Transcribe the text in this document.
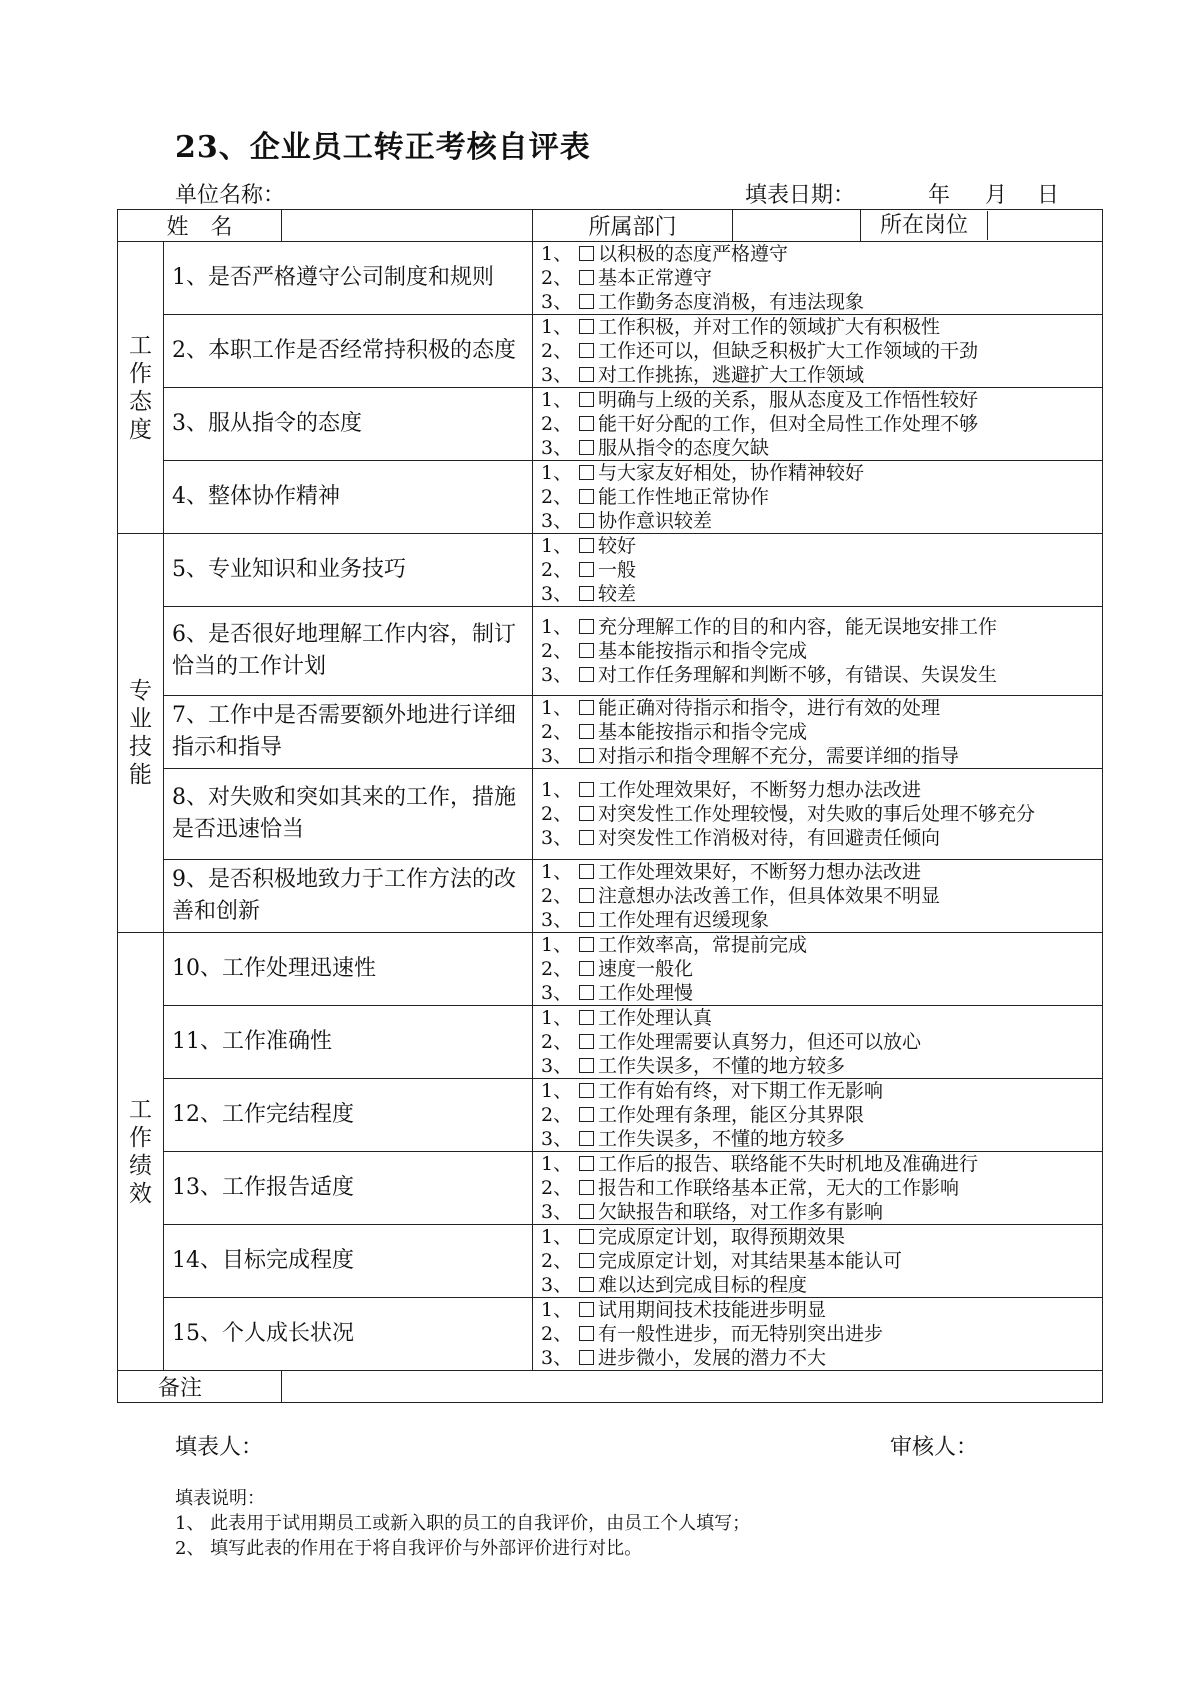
23、企业员工转正考核自评表
单位名称：	填表日期：	年 月 日
姓　名			所属部门		所在岗位

工
作
态
度	1、是否严格遵守公司制度和规则		1、 以积极的态度严格遵守
2、 基本正常遵守
3、 工作勤务态度消极，有违法现象		

	2、本职工作是否经常持积极的态度		1、 工作积极，并对工作的领域扩大有积极性
2、 工作还可以，但缺乏积极扩大工作领域的干劲
3、 对工作挑拣，逃避扩大工作领域		

	3、服从指令的态度		1、 明确与上级的关系，服从态度及工作悟性较好
2、 能干好分配的工作，但对全局性工作处理不够
3、 服从指令的态度欠缺		

	4、整体协作精神		1、 与大家友好相处，协作精神较好
2、 能工作性地正常协作
3、 协作意识较差		

专
业
技
能	5、专业知识和业务技巧		1、 较好
2、 一般
3、 较差		

	6、是否很好地理解工作内容，制订恰当的工作计划		1、 充分理解工作的目的和内容，能无误地安排工作
2、 基本能按指示和指令完成
3、 对工作任务理解和判断不够，有错误、失误发生		

	7、工作中是否需要额外地进行详细指示和指导		1、 能正确对待指示和指令，进行有效的处理
2、 基本能按指示和指令完成
3、 对指示和指令理解不充分，需要详细的指导		

	8、对失败和突如其来的工作，措施是否迅速恰当		1、 工作处理效果好，不断努力想办法改进
2、 对突发性工作处理较慢，对失败的事后处理不够充分
3、 对突发性工作消极对待，有回避责任倾向		

	9、是否积极地致力于工作方法的改善和创新		1、 工作处理效果好，不断努力想办法改进
2、 注意想办法改善工作，但具体效果不明显
3、 工作处理有迟缓现象		

工
作
绩
效	10、工作处理迅速性		1、 工作效率高，常提前完成
2、 速度一般化
3、 工作处理慢		

	11、工作准确性		1、 工作处理认真
2、 工作处理需要认真努力，但还可以放心
3、 工作失误多，不懂的地方较多		

	12、工作完结程度		1、 工作有始有终，对下期工作无影响
2、 工作处理有条理，能区分其界限
3、 工作失误多，不懂的地方较多		

	13、工作报告适度		1、 工作后的报告、联络能不失时机地及准确进行
2、 报告和工作联络基本正常，无大的工作影响
3、 欠缺报告和联络，对工作多有影响		

	14、目标完成程度		1、 完成原定计划，取得预期效果
2、 完成原定计划，对其结果基本能认可
3、 难以达到完成目标的程度		

	15、个人成长状况		1、 试用期间技术技能进步明显
2、 有一般性进步，而无特别突出进步
3、 进步微小，发展的潜力不大		

备注					
填表人：	审核人：
填表说明：
1、 此表用于试用期员工或新入职的员工的自我评价，由员工个人填写；
2、 填写此表的作用在于将自我评价与外部评价进行对比。
